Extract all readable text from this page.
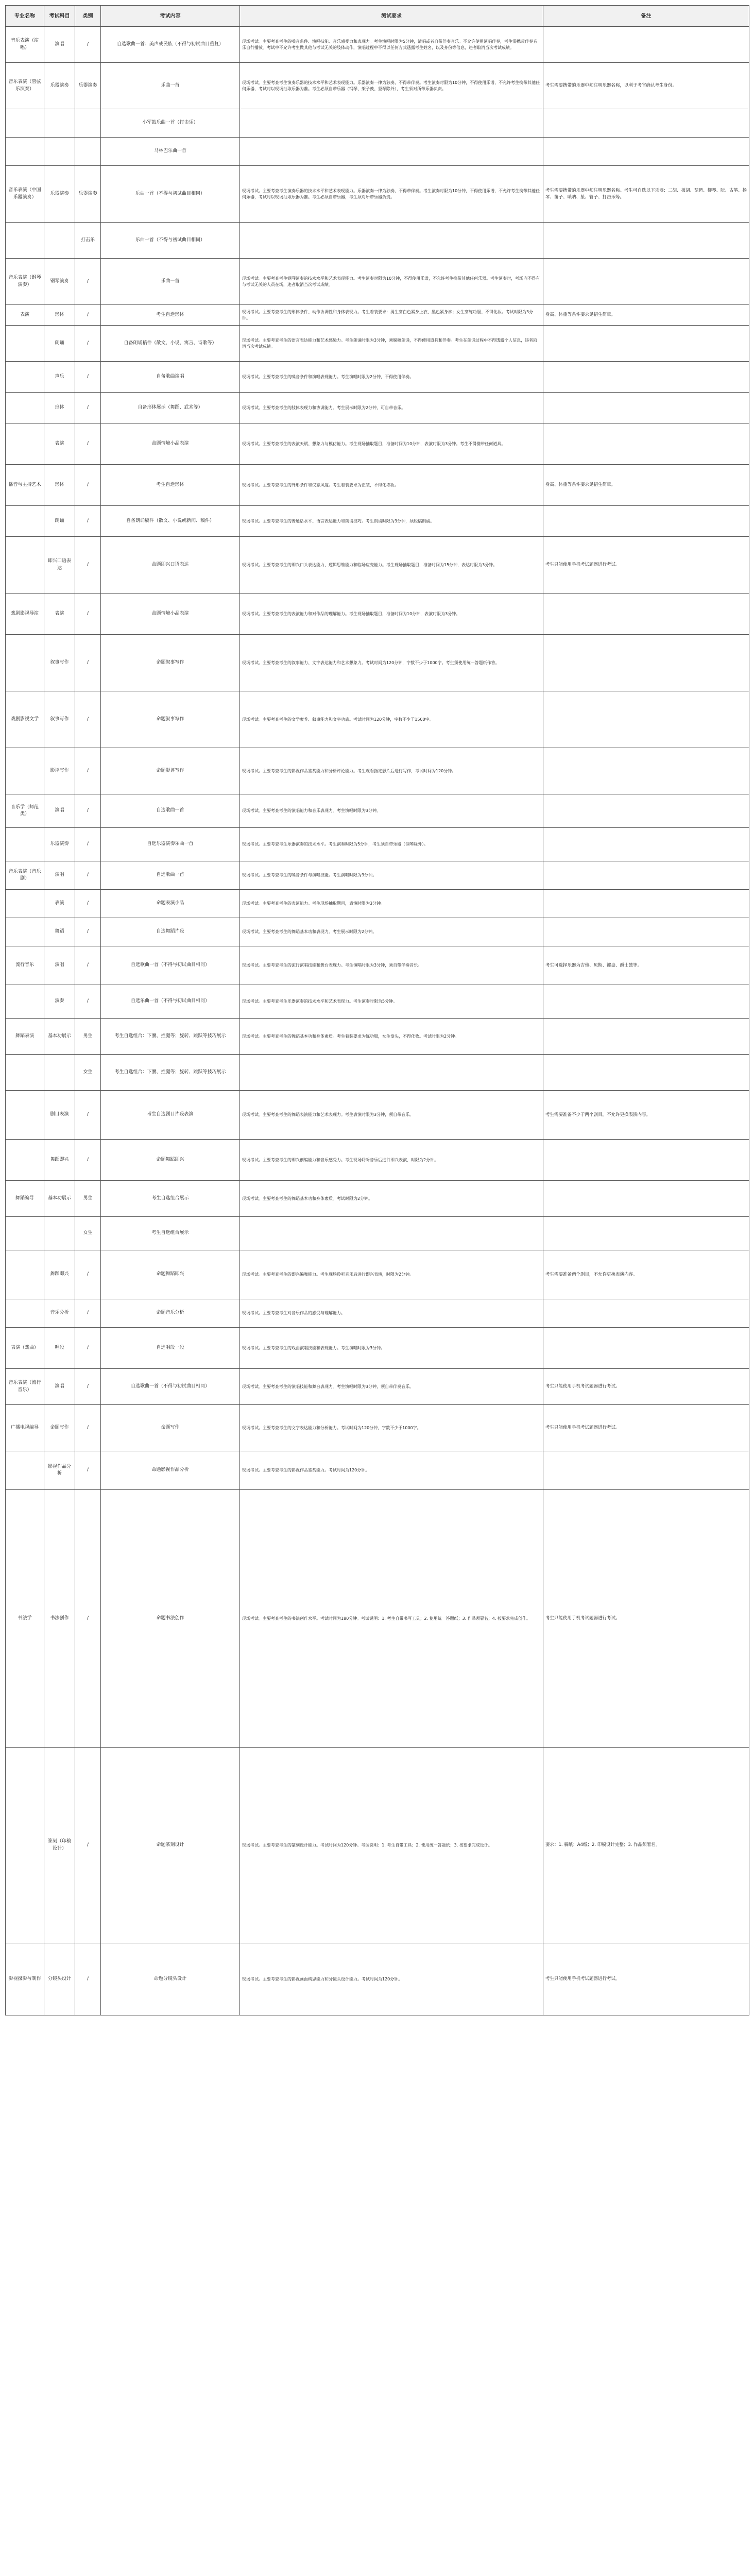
专业名称	考试科目	类别	考试内容	测试要求	备注
音乐表演（演唱）	演唱	/	自选歌曲一首：美声或民族（不得与初试曲目重复）	现场考试。主要考查考生的嗓音条件、演唱技能、音乐感受力和表现力。考生演唱时限为5分钟，清唱或者自带伴奏音乐。不允许使用演唱伴奏，考生需携带伴奏音乐自行播放。考试中不允许考生做其他与考试无关的肢体动作，演唱过程中不得以任何方式透露考生姓名，以及身份等信息，违者取消当次考试成绩。	
音乐表演（管弦乐演奏）	乐器演奏	乐器演奏	乐曲一首	现场考试。主要考查考生演奏乐器的技术水平和艺术表现能力。乐器演奏一律为独奏，不得带伴奏。考生演奏时限为10分钟，不得使用乐谱，不允许考生携带其他任何乐器，考试时以现场抽取乐器为准。考生必须自带乐器（钢琴、架子鼓、竖琴除外），考生须对所带乐器负责。	考生需要携带的乐器中须注明乐器名称，以利于考官确认考生身份。
			小军鼓乐曲一首（打击乐）		
			马林巴乐曲一首		
音乐表演（中国乐器演奏）	乐器演奏	乐器演奏	乐曲一首（不得与初试曲目相同）	现场考试。主要考查考生演奏乐器的技术水平和艺术表现能力。乐器演奏一律为独奏，不得带伴奏。考生演奏时限为10分钟，不得使用乐谱，不允许考生携带其他任何乐器，考试时以现场抽取乐器为准。考生必须自带乐器，考生须对所带乐器负责。	考生需要携带的乐器中须注明乐器名称。考生可自选以下乐器：二胡、板胡、琵琶、柳琴、阮、古筝、扬琴、笛子、唢呐、笙、管子、打击乐等。
		打击乐	乐曲一首（不得与初试曲目相同）		
音乐表演（钢琴演奏）	钢琴演奏	/	乐曲一首	现场考试。主要考查考生钢琴演奏的技术水平和艺术表现能力。考生演奏时限为10分钟，不得使用乐谱，不允许考生携带其他任何乐器。考生演奏时，考场内不得有与考试无关的人员在场，违者取消当次考试成绩。	
表演	形体	/	考生自选形体	现场考试。主要考查考生的形体条件、动作协调性和身体表现力。考生着装要求：男生穿白色紧身上衣、黑色紧身裤；女生穿练功服、不得化妆。考试时限为3分钟。	身高、体重等条件要求见招生简章。
	朗诵	/	自备朗诵稿件（散文、小说、寓言、诗歌等）	现场考试。主要考查考生的语言表达能力和艺术感染力。考生朗诵时限为3分钟，须脱稿朗诵，不得使用道具和伴奏。考生在朗诵过程中不得透露个人信息，违者取消当次考试成绩。	
	声乐	/	自备歌曲演唱	现场考试。主要考查考生的嗓音条件和演唱表现能力。考生演唱时限为2分钟，不得使用伴奏。	
	形体	/	自备形体展示（舞蹈、武术等）	现场考试。主要考查考生的肢体表现力和协调能力。考生展示时限为2分钟，可自带音乐。	
	表演	/	命题情境小品表演	现场考试。主要考查考生的表演天赋、想象力与模仿能力。考生现场抽取题目，准备时间为10分钟，表演时限为3分钟。考生不得携带任何道具。	
播音与主持艺术	形体	/	考生自选形体	现场考试。主要考查考生的外形条件和仪态风度。考生着装要求为正装，不得化浓妆。	身高、体重等条件要求见招生简章。
	朗诵	/	自备朗诵稿件（散文、小说或新闻、稿件）	现场考试。主要考查考生的普通话水平、语言表达能力和朗诵技巧。考生朗诵时限为3分钟，须脱稿朗诵。	
	即兴口语表达	/	命题即兴口语表达	现场考试。主要考查考生的即兴口头表达能力、逻辑思维能力和临场应变能力。考生现场抽取题目，准备时间为15分钟，表达时限为3分钟。	考生只能使用手机考试题器进行考试。
戏剧影视导演	表演	/	命题情境小品表演	现场考试。主要考查考生的表演能力和对作品的理解能力。考生现场抽取题目，准备时间为10分钟，表演时限为3分钟。	
	叙事写作	/	命题叙事写作	现场考试。主要考查考生的叙事能力、文字表达能力和艺术想象力。考试时间为120分钟，字数不少于1000字。考生须使用统一答题纸作答。	
戏剧影视文学	叙事写作	/	命题叙事写作	现场考试。主要考查考生的文学素养、叙事能力和文字功底。考试时间为120分钟，字数不少于1500字。	
	影评写作	/	命题影评写作	现场考试。主要考查考生的影视作品鉴赏能力和分析评论能力。考生观看指定影片后进行写作，考试时间为120分钟。	
音乐学（师范类）	演唱	/	自选歌曲一首	现场考试。主要考查考生的演唱能力和音乐表现力。考生演唱时限为3分钟。	
	乐器演奏	/	自选乐器演奏乐曲一首	现场考试。主要考查考生乐器演奏的技术水平。考生演奏时限为5分钟，考生须自带乐器（钢琴除外）。	
音乐表演（音乐剧）	演唱	/	自选歌曲一首	现场考试。主要考查考生的嗓音条件与演唱技能。考生演唱时限为3分钟。	
	表演	/	命题表演小品	现场考试。主要考查考生的表演能力。考生现场抽取题目，表演时限为3分钟。	
	舞蹈	/	自选舞蹈片段	现场考试。主要考查考生的舞蹈基本功和表现力。考生展示时限为2分钟。	
流行音乐	演唱	/	自选歌曲一首（不得与初试曲目相同）	现场考试。主要考查考生的流行演唱技能和舞台表现力。考生演唱时限为3分钟，须自带伴奏音乐。	考生可选择乐器为吉他、贝斯、键盘、爵士鼓等。
	演奏	/	自选乐曲一首（不得与初试曲目相同）	现场考试。主要考查考生乐器演奏的技术水平和艺术表现力。考生演奏时限为5分钟。	
舞蹈表演	基本功展示	男生	考生自选组合：下腰、控腿等；旋转、跳跃等技巧展示	现场考试。主要考查考生的舞蹈基本功和身体素质。考生着装要求为练功服，女生盘头，不得化妆。考试时限为2分钟。	
		女生	考生自选组合：下腰、控腿等；旋转、跳跃等技巧展示		
	剧目表演	/	考生自选剧目片段表演	现场考试。主要考查考生的舞蹈表演能力和艺术表现力。考生表演时限为3分钟，须自带音乐。	考生需要准备不少于两个剧目，不允许更换表演内容。
	舞蹈即兴	/	命题舞蹈即兴	现场考试。主要考查考生的即兴创编能力和音乐感受力。考生现场聆听音乐后进行即兴表演，时限为2分钟。	
舞蹈编导	基本功展示	男生	考生自选组合展示	现场考试。主要考查考生的舞蹈基本功和身体素质。考试时限为2分钟。	
		女生	考生自选组合展示		
	舞蹈即兴	/	命题舞蹈即兴	现场考试。主要考查考生的即兴编舞能力。考生现场聆听音乐后进行即兴表演，时限为2分钟。	考生需要准备两个剧目，不允许更换表演内容。
	音乐分析	/	命题音乐分析	现场考试。主要考查考生对音乐作品的感受与理解能力。	
表演（戏曲）	唱段	/	自选唱段一段	现场考试。主要考查考生的戏曲演唱技能和表现能力。考生演唱时限为3分钟。	
音乐表演（流行音乐）	演唱	/	自选歌曲一首（不得与初试曲目相同）	现场考试。主要考查考生的演唱技能和舞台表现力。考生演唱时限为3分钟，须自带伴奏音乐。	考生只能使用手机考试题器进行考试。
广播电视编导	命题写作	/	命题写作	现场考试。主要考查考生的文字表达能力和分析能力。考试时间为120分钟，字数不少于1000字。	考生只能使用手机考试题器进行考试。
	影视作品分析	/	命题影视作品分析	现场考试。主要考查考生的影视作品鉴赏能力。考试时间为120分钟。	
书法学	书法创作	/	命题书法创作	现场考试。主要考查考生的书法创作水平。考试时间为180分钟。考试说明：1. 考生自带书写工具；2. 使用统一答题纸；3. 作品须署名；4. 按要求完成创作。	考生只能使用手机考试题器进行考试。
	篆刻（印稿设计）	/	命题篆刻设计	现场考试。主要考查考生的篆刻设计能力。考试时间为120分钟。考试说明：1. 考生自带工具；2. 使用统一答题纸；3. 按要求完成设计。	要求：1. 稿纸：A4纸；2. 印稿设计完整；3. 作品须署名。
影视摄影与制作	分镜头设计	/	命题分镜头设计	现场考试。主要考查考生的影视画面构思能力和分镜头设计能力。考试时间为120分钟。	考生只能使用手机考试题器进行考试。
